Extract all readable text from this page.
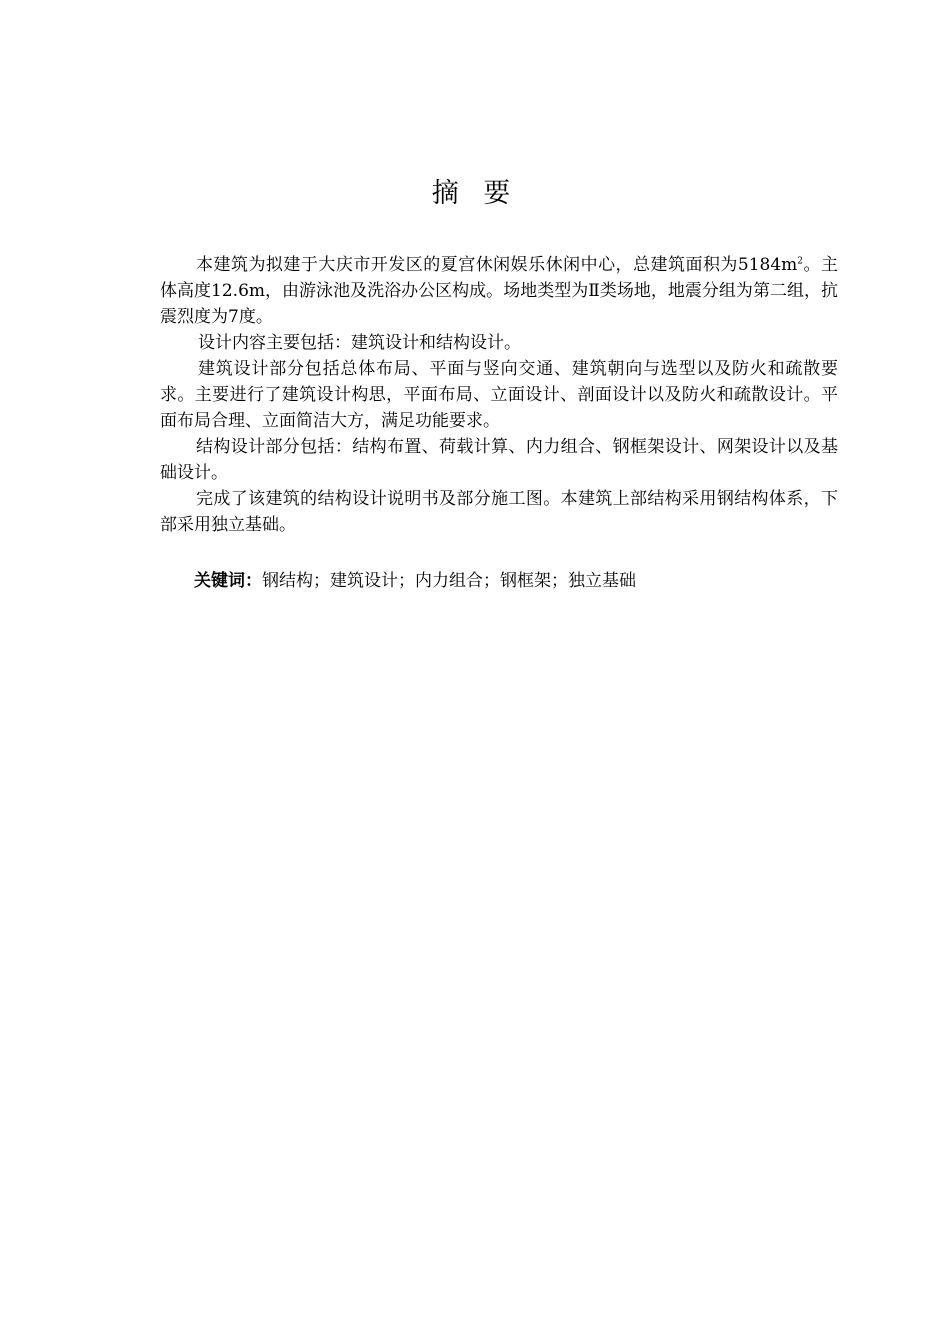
摘 要

本建筑为拟建于大庆市开发区的夏宫休闲娱乐休闲中心，总建筑面积为$5184m^2$。主体高度12.6m，由游泳池及洗浴办公区构成。场地类型为Ⅱ类场地，地震分组为第二组，抗震烈度为7度。

设计内容主要包括：建筑设计和结构设计。

建筑设计部分包括总体布局、平面与竖向交通、建筑朝向与选型以及防火和疏散要求。主要进行了建筑设计构思，平面布局、立面设计、剖面设计以及防火和疏散设计。平面布局合理、立面简洁大方，满足功能要求。

结构设计部分包括：结构布置、荷载计算、内力组合、钢框架设计、网架设计以及基础设计。

完成了该建筑的结构设计说明书及部分施工图。本建筑上部结构采用钢结构体系，下部采用独立基础。

关键词：钢结构；建筑设计；内力组合；钢框架；独立基础
